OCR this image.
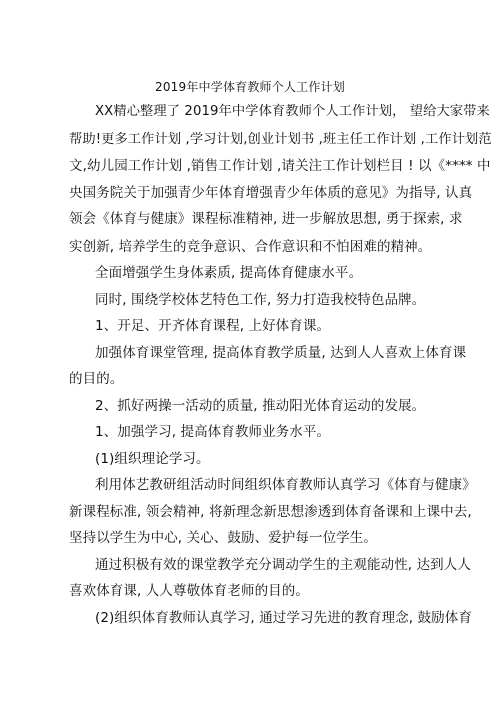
2019年中学体育教师个人工作计划
XX精心整理了 2019年中学体育教师个人工作计划， 望给大家带来
帮助!更多工作计划 ,学习计划,创业计划书 ,班主任工作计划 ,工作计划范
文,幼儿园工作计划 ,销售工作计划 ,请关注工作计划栏目 ! 以《**** 中
央国务院关于加强青少年体育增强青少年体质的意见》为指导, 认真
领会《体育与健康》课程标准精神, 进一步解放思想, 勇于探索, 求
实创新, 培养学生的竞争意识、合作意识和不怕困难的精神。
全面增强学生身体素质, 提高体育健康水平。
同时, 围绕学校体艺特色工作, 努力打造我校特色品牌。
1、开足、开齐体育课程, 上好体育课。
加强体育课堂管理, 提高体育教学质量, 达到人人喜欢上体育课
的目的。
2、抓好两操一活动的质量, 推动阳光体育运动的发展。
1、加强学习, 提高体育教师业务水平。
(1)组织理论学习。
利用体艺教研组活动时间组织体育教师认真学习《体育与健康》
新课程标准, 领会精神, 将新理念新思想渗透到体育备课和上课中去,
坚持以学生为中心, 关心、鼓励、爱护每一位学生。
通过积极有效的课堂教学充分调动学生的主观能动性, 达到人人
喜欢体育课, 人人尊敬体育老师的目的。
(2)组织体育教师认真学习, 通过学习先进的教育理念, 鼓励体育
